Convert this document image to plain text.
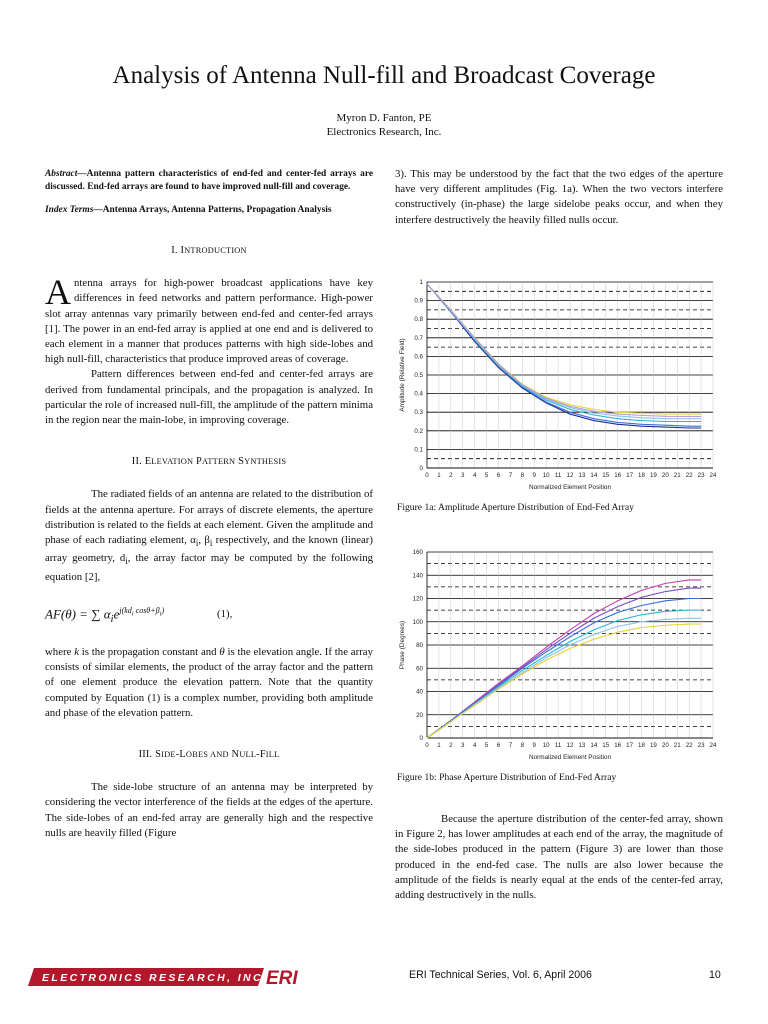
Analysis of Antenna Null-fill and Broadcast Coverage
Myron D. Fanton, PE
Electronics Research, Inc.

Abstract—Antenna pattern characteristics of end-fed and center-fed arrays are discussed. End-fed arrays are found to have improved null-fill and coverage.

Index Terms—Antenna Arrays, Antenna Patterns, Propagation Analysis

I. INTRODUCTION

Antenna arrays for high-power broadcast applications have key differences in feed networks and pattern performance. High-power slot array antennas vary primarily between end-fed and center-fed arrays [1]. The power in an end-fed array is applied at one end and is delivered to each element in a manner that produces patterns with high side-lobes and high null-fill, characteristics that produce improved areas of coverage.

Pattern differences between end-fed and center-fed arrays are derived from fundamental principals, and the propagation is analyzed. In particular the role of increased null-fill, the amplitude of the pattern minima in the region near the main-lobe, in improving coverage.

II. ELEVATION PATTERN SYNTHESIS

The radiated fields of an antenna are related to the distribution of fields at the antenna aperture. For arrays of discrete elements, the aperture distribution is related to the fields at each element. Given the amplitude and phase of each radiating element, $\alpha_i$, $\beta_i$ respectively, and the known (linear) array geometry, $d_i$, the array factor may be computed by the following equation [2],

AF(θ) = ∑ $\alpha_ie^{j(kd_i cos\theta+\beta_i)}$	(1),

where k is the propagation constant and θ is the elevation angle. If the array consists of similar elements, the product of the array factor and the pattern of one element produce the elevation pattern. Note that the quantity computed by Equation (1) is a complex number, providing both amplitude and phase of the elevation pattern.

III. SIDE-LOBES AND NULL-FILL

The side-lobe structure of an antenna may be interpreted by considering the vector interference of the fields at the edges of the aperture. The side-lobes of an end-fed array are generally high and the respective nulls are heavily filled (Figure

3). This may be understood by the fact that the two edges of the aperture have very different amplitudes (Fig. 1a). When the two vectors interfere constructively (in-phase) the large sidelobe peaks occur, and when they interfere destructively the heavily filled nulls occur.
0
0.1
0.2
0.3
0.4
0.5
0.6
0.7
0.8
0.9
1
0 1 2 3 4 5 6 7 8 9 10 11 12 13 14 15 16 17 18 19 20 21 22 23 24
Normalized Element Position
Amplitude (Relative Field)
Figure 1a: Amplitude Aperture Distribution of End-Fed Array
0
20
40
60
80
100
120
140
160
0 1 2 3 4 5 6 7 8 9 10 11 12 13 14 15 16 17 18 19 20 21 22 23 24
Normalized Element Position
Phase (Degrees)
Figure 1b: Phase Aperture Distribution of End-Fed Array

Because the aperture distribution of the center-fed array, shown in Figure 2, has lower amplitudes at each end of the array, the magnitude of the side-lobes produced in the pattern (Figure 3) are lower than those produced in the end-fed case. The nulls are also lower because the amplitude of the fields is nearly equal at the ends of the center-fed array, adding destructively in the nulls.

ELECTRONICS RESEARCH, INC.
ERI	ERI Technical Series, Vol. 6, April 2006	10
